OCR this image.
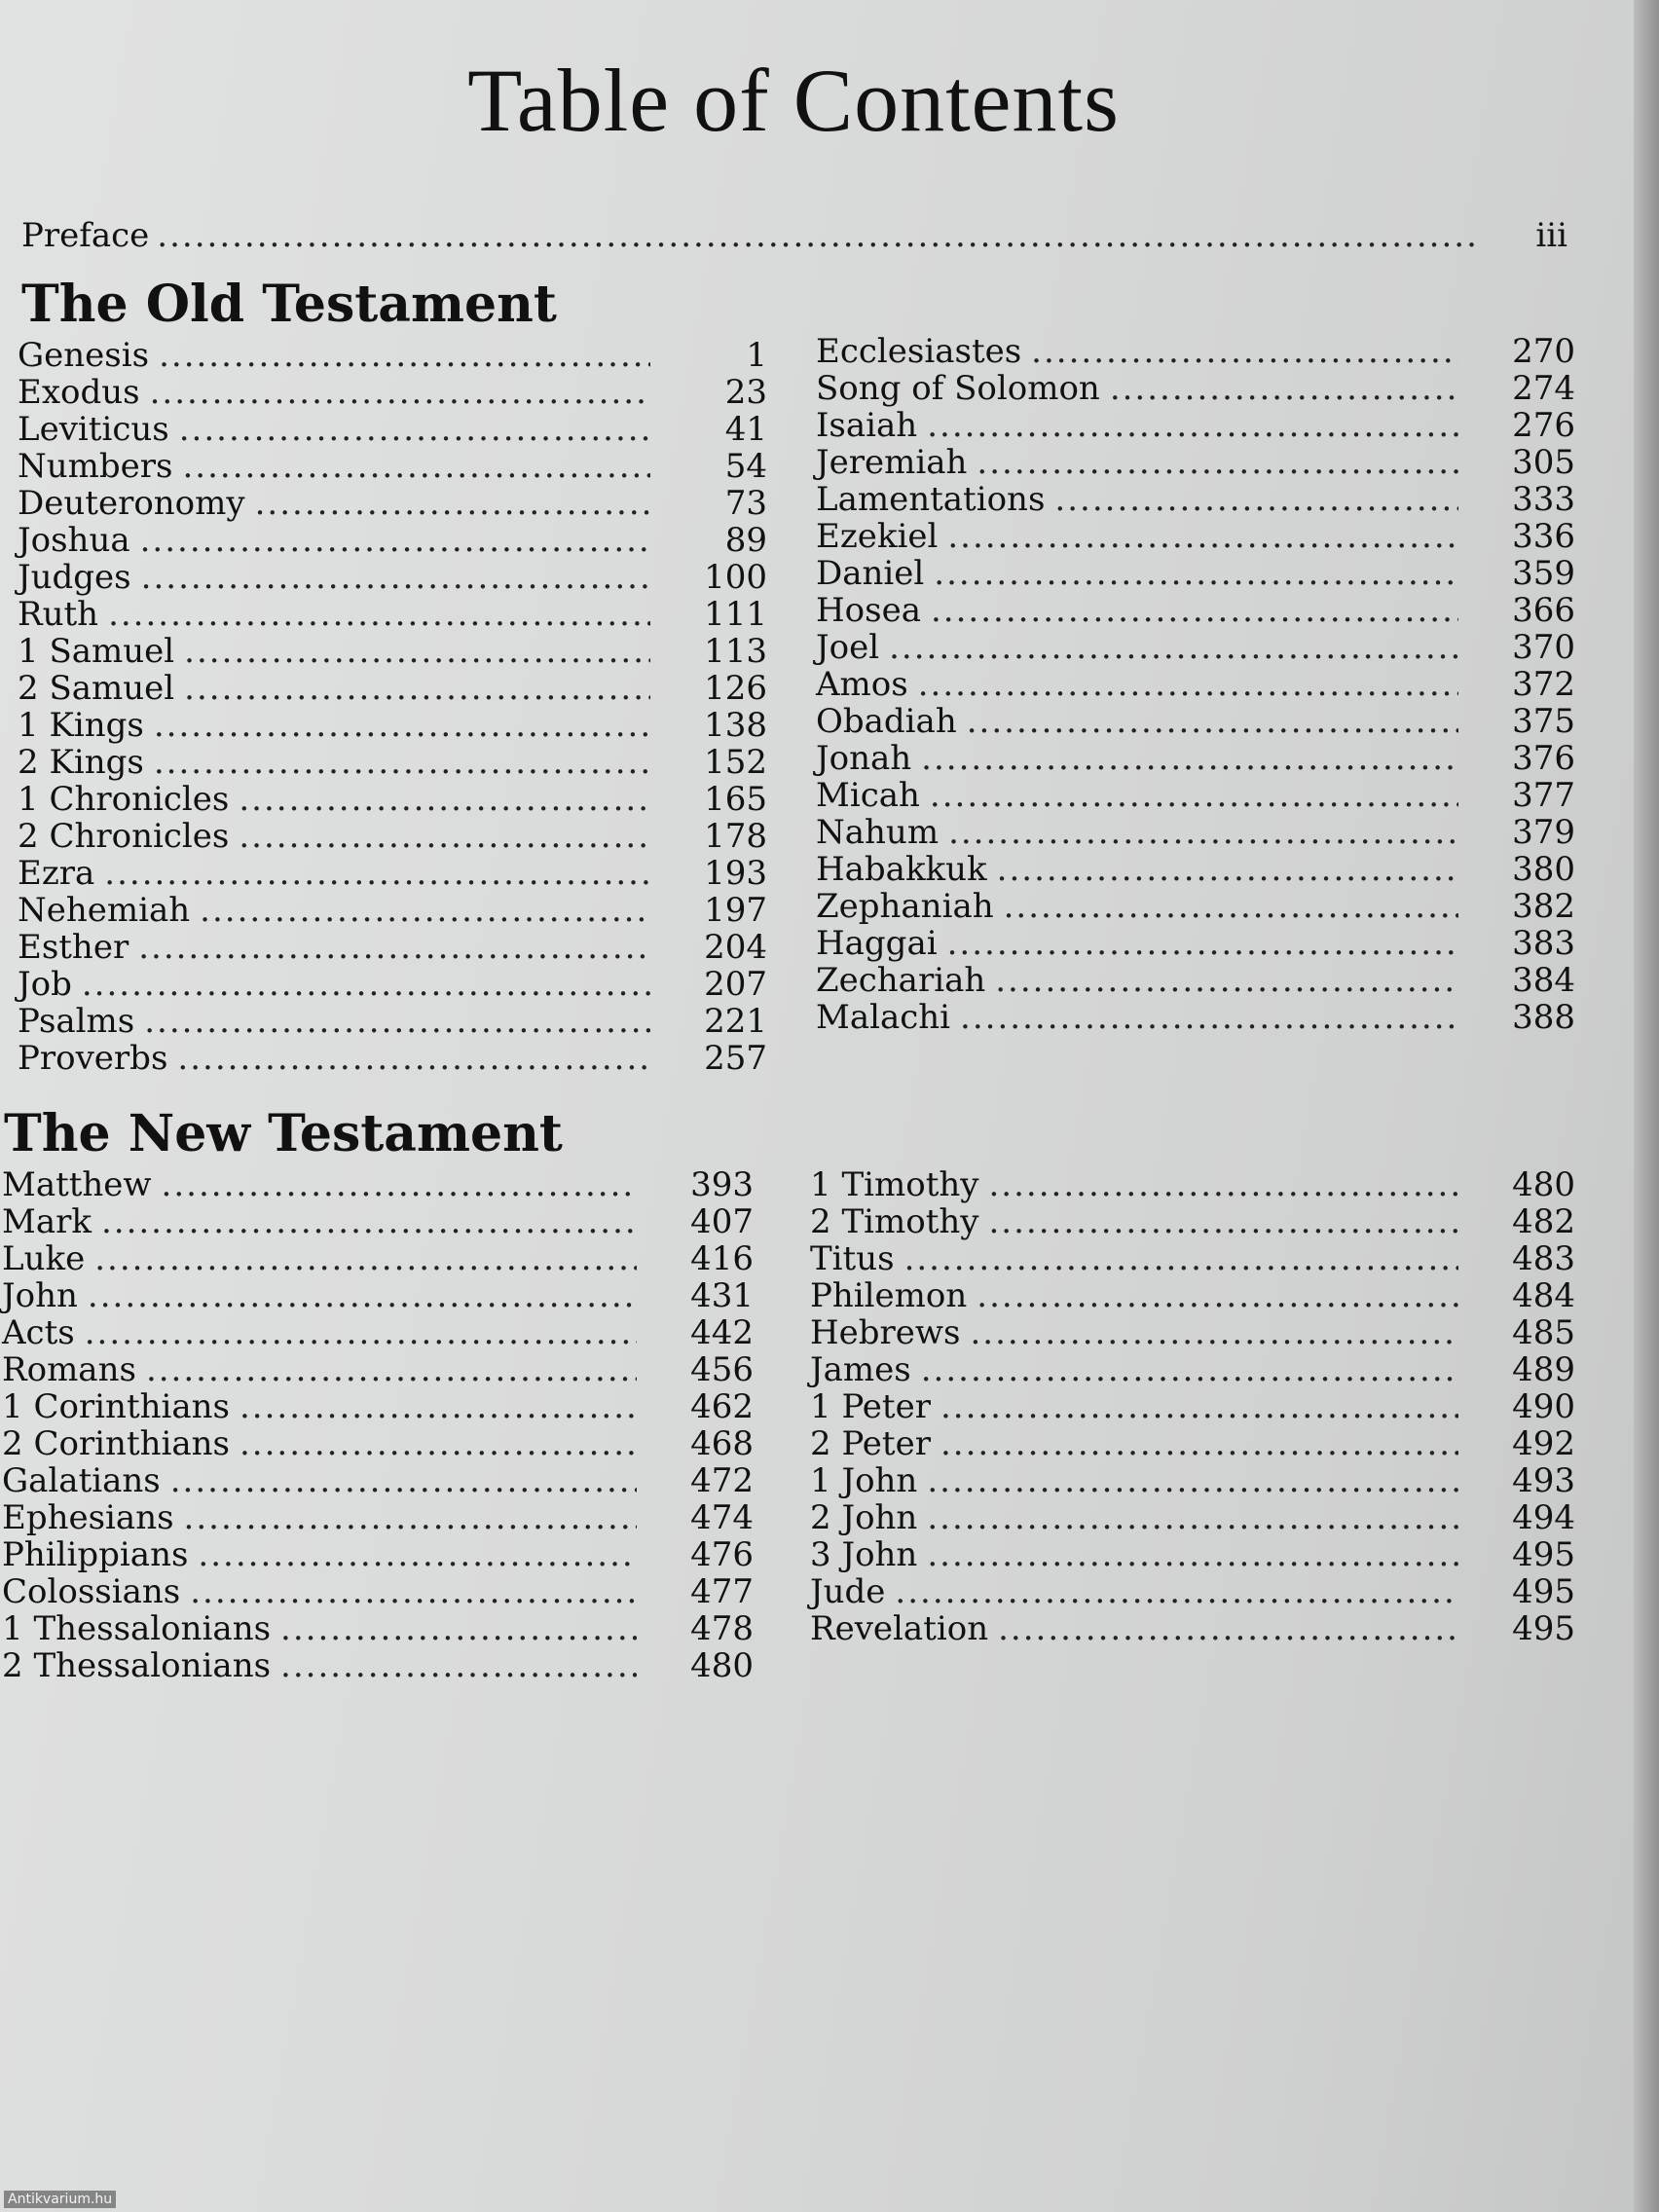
Table of Contents
Preface .....	iii
The Old Testament
Genesis .....	1
Exodus .....	23
Leviticus .....	41
Numbers .....	54
Deuteronomy .....	73
Joshua .....	89
Judges .....	100
Ruth .....	111
1 Samuel .....	113
2 Samuel .....	126
1 Kings .....	138
2 Kings .....	152
1 Chronicles .....	165
2 Chronicles .....	178
Ezra .....	193
Nehemiah .....	197
Esther .....	204
Job .....	207
Psalms .....	221
Proverbs .....	257
Ecclesiastes .....	270
Song of Solomon .....	274
Isaiah .....	276
Jeremiah .....	305
Lamentations .....	333
Ezekiel .....	336
Daniel .....	359
Hosea .....	366
Joel .....	370
Amos .....	372
Obadiah .....	375
Jonah .....	376
Micah .....	377
Nahum .....	379
Habakkuk .....	380
Zephaniah .....	382
Haggai .....	383
Zechariah .....	384
Malachi .....	388
The New Testament
Matthew .....	393
Mark .....	407
Luke .....	416
John .....	431
Acts .....	442
Romans .....	456
1 Corinthians .....	462
2 Corinthians .....	468
Galatians .....	472
Ephesians .....	474
Philippians .....	476
Colossians .....	477
1 Thessalonians .....	478
2 Thessalonians .....	480
1 Timothy .....	480
2 Timothy .....	482
Titus .....	483
Philemon .....	484
Hebrews .....	485
James .....	489
1 Peter .....	490
2 Peter .....	492
1 John .....	493
2 John .....	494
3 John .....	495
Jude .....	495
Revelation .....	495
Antikvarium.hu
